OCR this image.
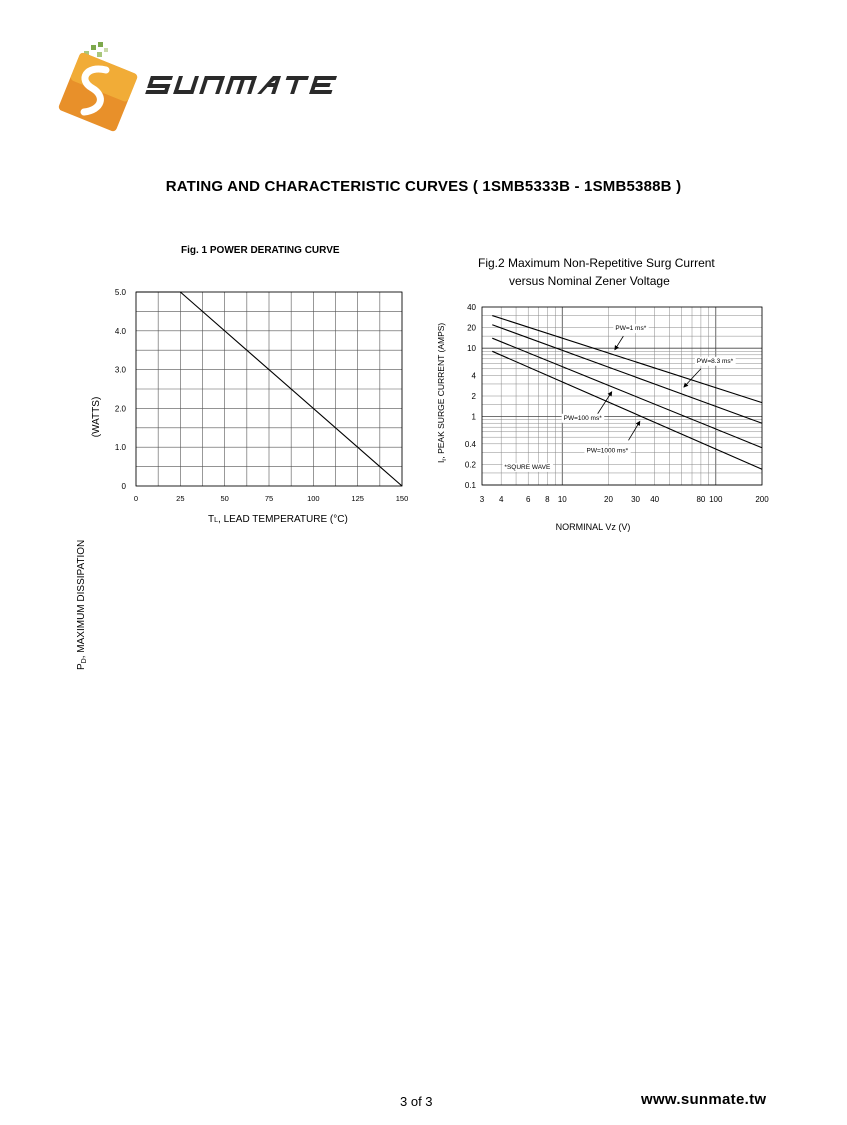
RATING AND CHARACTERISTIC CURVES ( 1SMB5333B - 1SMB5388B )
Fig. 1 POWER DERATING CURVE
0
1.0
2.0
3.0
4.0
5.0
0	25	50	75	100	125	150
$P_D$, MAXIMUM DISSIPATION
(WATTS)
TL, LEAD TEMPERATURE (°C)
Fig.2 Maximum Non-Repetitive Surg Current
versus Nominal Zener Voltage
0.1
0.2
0.4
1
2
4
10
20
40
3 4	6 8 10	20 30 40	80 100	200
PW=1 ms*
PW=8.3 ms*
PW=100 ms*
PW=1000 ms*
*SQURE WAVE
$I_r$, PEAK SURGE CURRENT (AMPS)
NORMINAL Vz (V)
3 of 3	www.sunmate.tw
